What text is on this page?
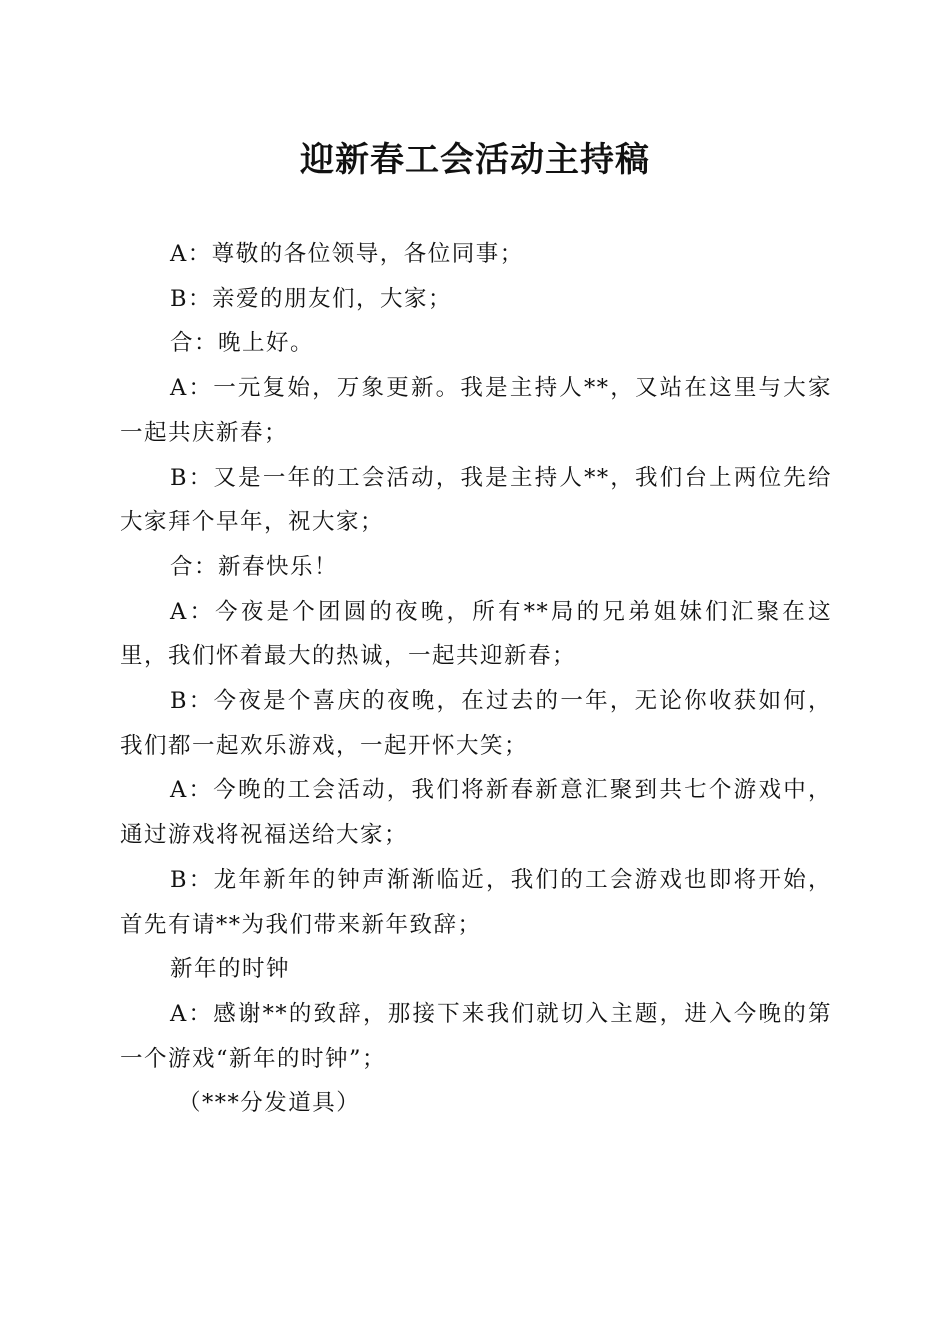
迎新春工会活动主持稿

A：尊敬的各位领导，各位同事；

B：亲爱的朋友们，大家；

合：晚上好。

A：一元复始，万象更新。我是主持人**，又站在这里与大家一起共庆新春；

B：又是一年的工会活动，我是主持人**，我们台上两位先给大家拜个早年，祝大家；

合：新春快乐！

A：今夜是个团圆的夜晚，所有**局的兄弟姐妹们汇聚在这里，我们怀着最大的热诚，一起共迎新春；

B：今夜是个喜庆的夜晚，在过去的一年，无论你收获如何，我们都一起欢乐游戏，一起开怀大笑；

A：今晚的工会活动，我们将新春新意汇聚到共七个游戏中，通过游戏将祝福送给大家；

B：龙年新年的钟声渐渐临近，我们的工会游戏也即将开始，首先有请**为我们带来新年致辞；

新年的时钟

A：感谢**的致辞，那接下来我们就切入主题，进入今晚的第一个游戏“新年的时钟”；

（***分发道具）
